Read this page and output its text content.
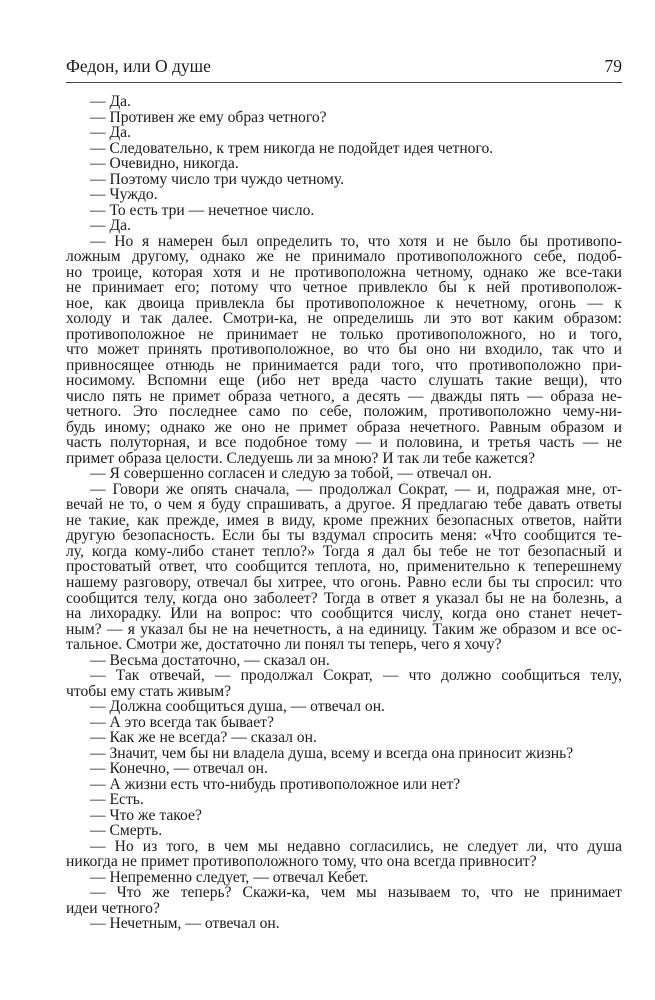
Федон, или О душе	79
— Да.
— Противен же ему образ четного?
— Да.
— Следовательно, к трем никогда не подойдет идея четного.
— Очевидно, никогда.
— Поэтому число три чуждо четному.
— Чуждо.
— То есть три — нечетное число.
— Да.
— Но я намерен был определить то, что хотя и не было бы противопо-
ложным другому, однако же не принимало противоположного себе, подоб-
но троице, которая хотя и не противоположна четному, однако же все-таки
не принимает его; потому что четное привлекло бы к ней противополож-
ное, как двоица привлекла бы противоположное к нечетному, огонь — к
холоду и так далее. Смотри-ка, не определишь ли это вот каким образом:
противоположное не принимает не только противоположного, но и того,
что может принять противоположное, во что бы оно ни входило, так что и
привносящее отнюдь не принимается ради того, что противоположно при-
носимому. Вспомни еще (ибо нет вреда часто слушать такие вещи), что
число пять не примет образа четного, а десять — дважды пять — образа не-
четного. Это последнее само по себе, положим, противоположно чему-ни-
будь иному; однако же оно не примет образа нечетного. Равным образом и
часть полуторная, и все подобное тому — и половина, и третья часть — не
примет образа целости. Следуешь ли за мною? И так ли тебе кажется?
— Я совершенно согласен и следую за тобой, — отвечал он.
— Говори же опять сначала, — продолжал Сократ, — и, подражая мне, от-
вечай не то, о чем я буду спрашивать, а другое. Я предлагаю тебе давать ответы
не такие, как прежде, имея в виду, кроме прежних безопасных ответов, найти
другую безопасность. Если бы ты вздумал спросить меня: «Что сообщится те-
лу, когда кому-либо станет тепло?» Тогда я дал бы тебе не тот безопасный и
простоватый ответ, что сообщится теплота, но, применительно к теперешнему
нашему разговору, отвечал бы хитрее, что огонь. Равно если бы ты спросил: что
сообщится телу, когда оно заболеет? Тогда в ответ я указал бы не на болезнь, а
на лихорадку. Или на вопрос: что сообщится числу, когда оно станет нечет-
ным? — я указал бы не на нечетность, а на единицу. Таким же образом и все ос-
тальное. Смотри же, достаточно ли понял ты теперь, чего я хочу?
— Весьма достаточно, — сказал он.
— Так отвечай, — продолжал Сократ, — что должно сообщиться телу,
чтобы ему стать живым?
— Должна сообщиться душа, — отвечал он.
— А это всегда так бывает?
— Как же не всегда? — сказал он.
— Значит, чем бы ни владела душа, всему и всегда она приносит жизнь?
— Конечно, — отвечал он.
— А жизни есть что-нибудь противоположное или нет?
— Есть.
— Что же такое?
— Смерть.
— Но из того, в чем мы недавно согласились, не следует ли, что душа
никогда не примет противоположного тому, что она всегда привносит?
— Непременно следует, — отвечал Кебет.
— Что же теперь? Скажи-ка, чем мы называем то, что не принимает
идеи четного?
— Нечетным, — отвечал он.
